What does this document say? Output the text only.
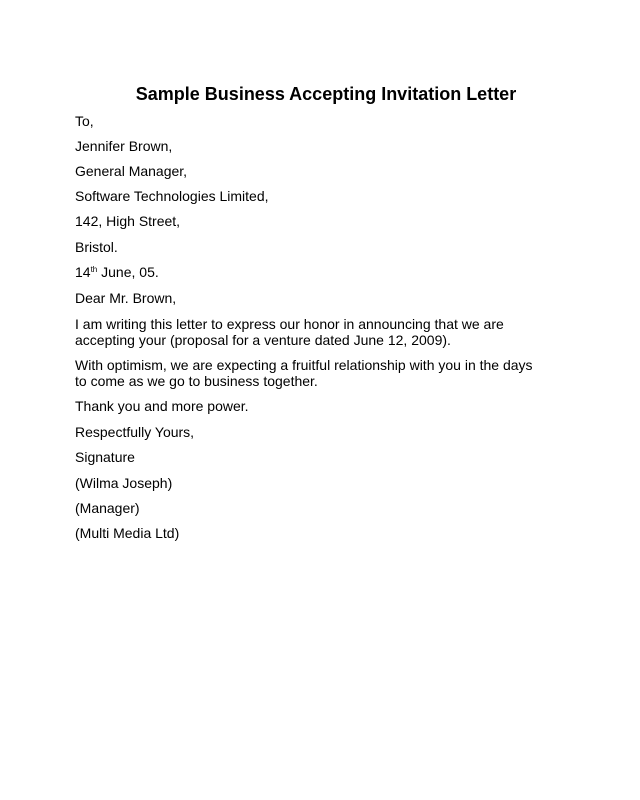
Sample Business Accepting Invitation Letter

To,

Jennifer Brown,

General Manager,

Software Technologies Limited,

142, High Street,

Bristol.

14th June, 05.

Dear Mr. Brown,

I am writing this letter to express our honor in announcing that we are

accepting your (proposal for a venture dated June 12, 2009).

With optimism, we are expecting a fruitful relationship with you in the days

to come as we go to business together.

Thank you and more power.

Respectfully Yours,

Signature

(Wilma Joseph)

(Manager)

(Multi Media Ltd)
